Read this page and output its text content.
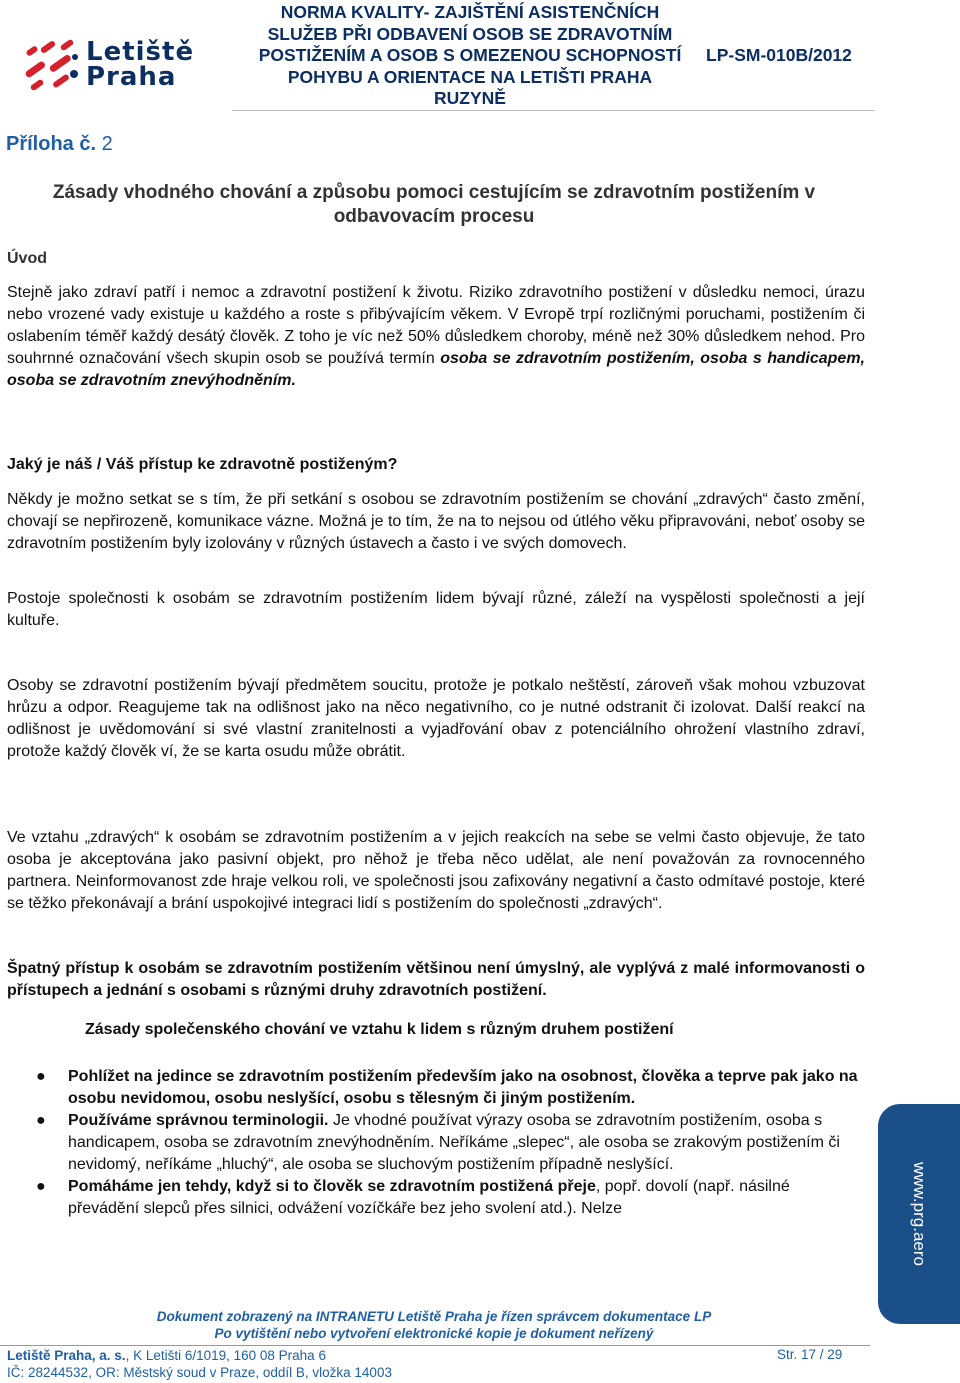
Letiště
Praha
NORMA KVALITY- ZAJIŠTĚNÍ ASISTENČNÍCH SLUŽEB PŘI ODBAVENÍ OSOB SE ZDRAVOTNÍM POSTIŽENÍM A OSOB S OMEZENOU SCHOPNOSTÍ POHYBU A ORIENTACE NA LETIŠTI PRAHA RUZYNĚ
LP-SM-010B/2012
Příloha č. 2
Zásady vhodného chování a způsobu pomoci cestujícím se zdravotním postižením v odbavovacím procesu
Úvod
Stejně jako zdraví patří i nemoc a zdravotní postižení k životu. Riziko zdravotního postižení v důsledku nemoci, úrazu nebo vrozené vady existuje u každého a roste s přibývajícím věkem. V Evropě trpí rozličnými poruchami, postižením či oslabením téměř každý desátý člověk. Z toho je víc než 50% důsledkem choroby, méně než 30% důsledkem nehod. Pro souhrnné označování všech skupin osob se používá termín osoba se zdravotním postižením, osoba s handicapem, osoba se zdravotním znevýhodněním.
Jaký je náš / Váš přístup ke zdravotně postiženým?
Někdy je možno setkat se s tím, že při setkání s osobou se zdravotním postižením se chování „zdravých“ často změní, chovají se nepřirozeně, komunikace vázne. Možná je to tím, že na to nejsou od útlého věku připravováni, neboť osoby se zdravotním postižením byly izolovány v různých ústavech a často i ve svých domovech.
Postoje společnosti k osobám se zdravotním postižením lidem bývají různé, záleží na vyspělosti společnosti a její kultuře.
Osoby se zdravotní postižením bývají předmětem soucitu, protože je potkalo neštěstí, zároveň však mohou vzbuzovat hrůzu a odpor. Reagujeme tak na odlišnost jako na něco negativního, co je nutné odstranit či izolovat. Další reakcí na odlišnost je uvědomování si své vlastní zranitelnosti a vyjadřování obav z potenciálního ohrožení vlastního zdraví, protože každý člověk ví, že se karta osudu může obrátit.
Ve vztahu „zdravých“ k osobám se zdravotním postižením a v jejich reakcích na sebe se velmi často objevuje, že tato osoba je akceptována jako pasivní objekt, pro něhož je třeba něco udělat, ale není považován za rovnocenného partnera. Neinformovanost zde hraje velkou roli, ve společnosti jsou zafixovány negativní a často odmítavé postoje, které se těžko překonávají a brání uspokojivé integraci lidí s postižením do společnosti „zdravých“.
Špatný přístup k osobám se zdravotním postižením většinou není úmyslný, ale vyplývá z malé informovanosti o přístupech a jednání s osobami s různými druhy zdravotních postižení.
Zásady společenského chování ve vztahu k lidem s různým druhem postižení
● Pohlížet na jedince se zdravotním postižením především jako na osobnost, člověka a teprve pak jako na osobu nevidomou, osobu neslyšící, osobu s tělesným či jiným postižením.
● Používáme správnou terminologii. Je vhodné používat výrazy osoba se zdravotním postižením, osoba s handicapem, osoba se zdravotním znevýhodněním. Neříkáme „slepec“, ale osoba se zrakovým postižením či nevidomý, neříkáme „hluchý“, ale osoba se sluchovým postižením případně neslyšící.
● Pomáháme jen tehdy, když si to člověk se zdravotním postižená přeje, popř. dovolí (např. násilné převádění slepců přes silnici, odvážení vozíčkáře bez jeho svolení atd.). Nelze	www.prg.aero
Dokument zobrazený na INTRANETU Letiště Praha je řízen správcem dokumentace LP
Po vytištění nebo vytvoření elektronické kopie je dokument neřízený
Letiště Praha, a. s., K Letišti 6/1019, 160 08 Praha 6
IČ: 28244532, OR: Městský soud v Praze, oddíl B, vložka 14003
Str. 17 / 29
